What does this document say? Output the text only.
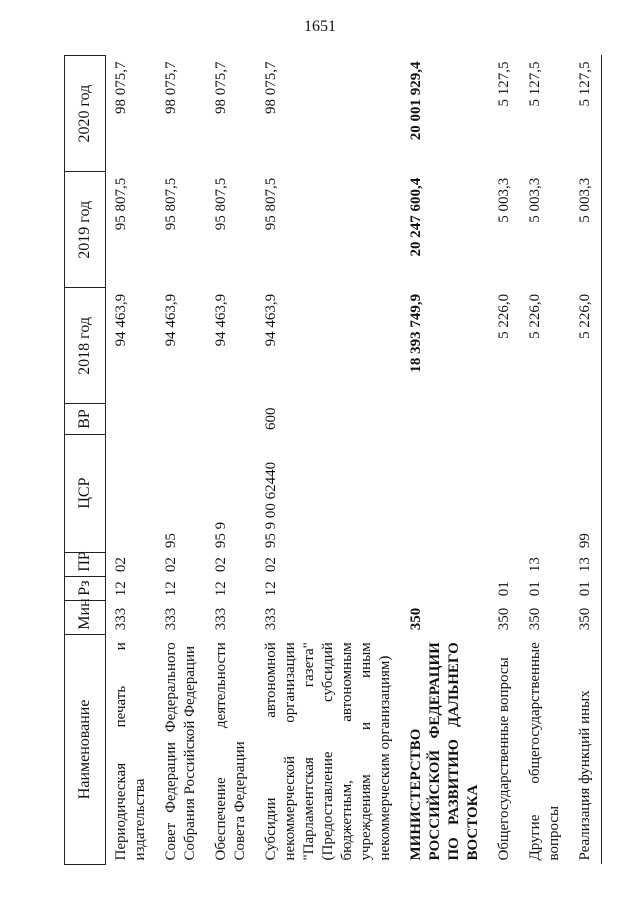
1651
Наименование	Мин	Рз	ПР	ЦСР	ВР	2018 год	2019 год	2020 год
Периодическая печать и издательства	333	12	02			94 463,9	95 807,5	98 075,7
Совет Федерации Федерального Собрания Российской Федерации	333	12	02	95		94 463,9	95 807,5	98 075,7
Обеспечение деятельности Совета Федерации	333	12	02	95 9		94 463,9	95 807,5	98 075,7
Субсидии автономной некоммерческой организации "Парламентская газета" (Предоставление субсидий бюджетным, автономным учреждениям и иным некоммерческим организациям)	333	12	02	95 9 00 62440	600	94 463,9	95 807,5	98 075,7
МИНИСТЕРСТВО РОССИЙСКОЙ ФЕДЕРАЦИИ ПО РАЗВИТИЮ ДАЛЬНЕГО ВОСТОКА	350					18 393 749,9	20 247 600,4	20 001 929,4
Общегосударственные вопросы	350	01				5 226,0	5 003,3	5 127,5
Другие общегосударственные вопросы	350	01	13			5 226,0	5 003,3	5 127,5
Реализация функций иных	350	01	13	99		5 226,0	5 003,3	5 127,5
